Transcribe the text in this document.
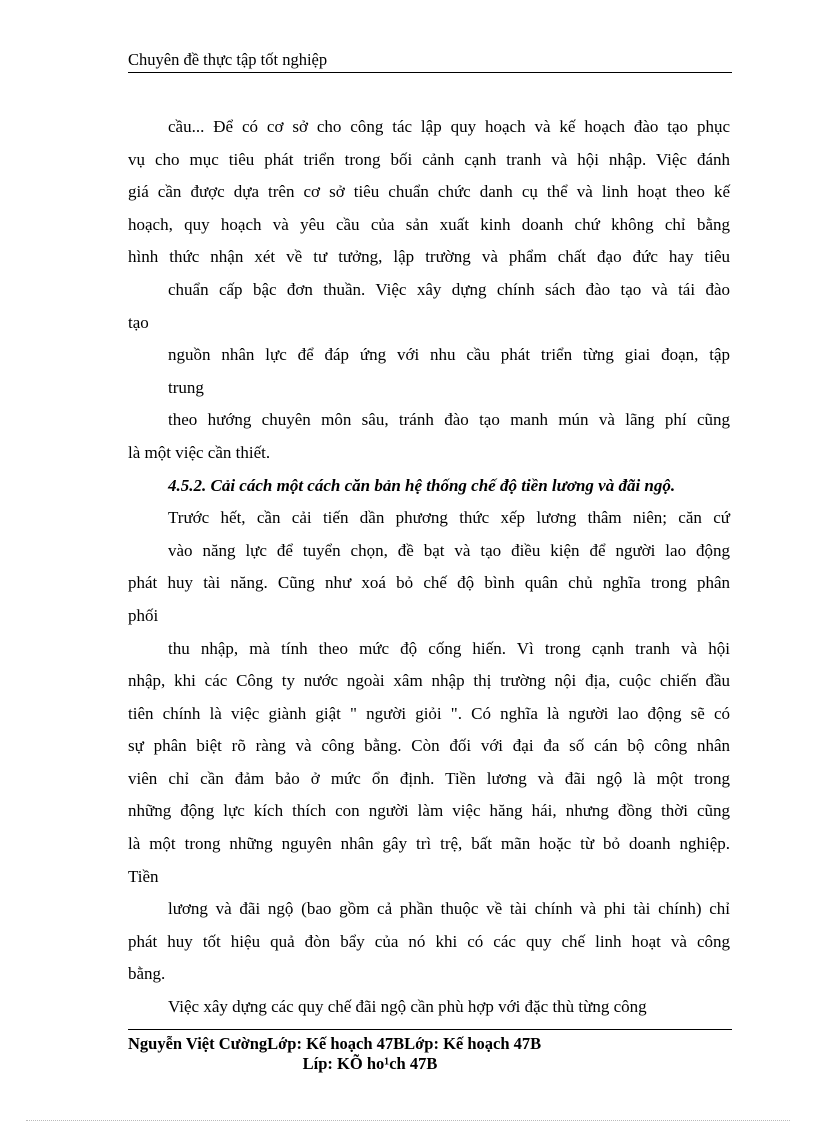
Chuyên đề thực tập tốt nghiệp
cầu... Để có cơ sở cho công tác lập quy hoạch và kế hoạch đào tạo phục
vụ cho mục tiêu phát triển trong bối cảnh cạnh tranh và hội nhập. Việc đánh
giá cần được dựa trên cơ sở tiêu chuẩn chức danh cụ thể và linh hoạt theo kế
hoạch, quy hoạch và yêu cầu của sản xuất kinh doanh chứ không chỉ bằng
hình thức nhận xét về tư tưởng, lập trường và phẩm chất đạo đức hay tiêu
chuẩn cấp bậc đơn thuần. Việc xây dựng chính sách đào tạo và tái đào
tạo
nguồn nhân lực để đáp ứng với nhu cầu phát triển từng giai đoạn, tập
trung
theo hướng chuyên môn sâu, tránh đào tạo manh mún và lãng phí cũng
là một việc cần thiết.
4.5.2. Cải cách một cách căn bản hệ thống chế độ tiền lương và đãi ngộ.
Trước hết, cần cải tiến dần phương thức xếp lương thâm niên; căn cứ
vào năng lực để tuyển chọn, đề bạt và tạo điều kiện để người lao động
phát huy tài năng. Cũng như xoá bỏ chế độ bình quân chủ nghĩa trong phân
phối
thu nhập, mà tính theo mức độ cống hiến. Vì trong cạnh tranh và hội
nhập, khi các Công ty nước ngoài xâm nhập thị trường nội địa, cuộc chiến đầu
tiên chính là việc giành giật " người giỏi ". Có nghĩa là người lao động sẽ có
sự phân biệt rõ ràng và công bằng. Còn đối với đại đa số cán bộ công nhân
viên chỉ cần đảm bảo ở mức ổn định. Tiền lương và đãi ngộ là một trong
những động lực kích thích con người làm việc hăng hái, nhưng đồng thời cũng
là một trong những nguyên nhân gây trì trệ, bất mãn hoặc từ bỏ doanh nghiệp.
Tiền
lương và đãi ngộ (bao gồm cả phần thuộc về tài chính và phi tài chính) chỉ
phát huy tốt hiệu quả đòn bẩy của nó khi có các quy chế linh hoạt và công
bằng.
Việc xây dựng các quy chế đãi ngộ cần phù hợp với đặc thù từng công
Nguyễn Việt CườngLớp: Kế hoạch 47BLớp: Kế hoạch 47B
Líp: KÕ ho¹ch 47B
